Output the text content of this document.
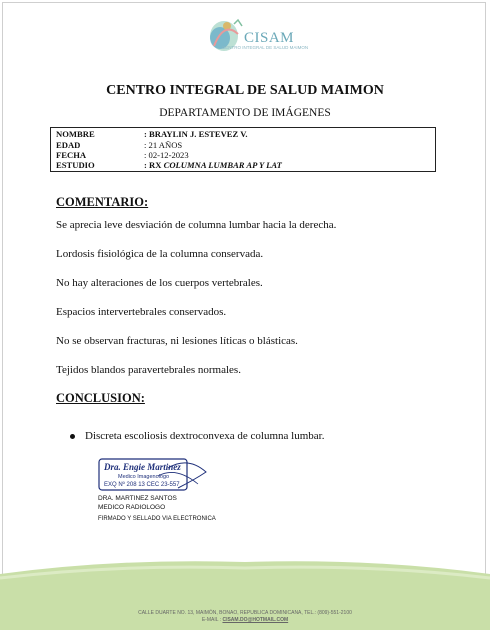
CISAM
CENTRO INTEGRAL DE SALUD MAIMON
CENTRO INTEGRAL DE SALUD MAIMON
DEPARTAMENTO DE IMÁGENES
NOMBRE	: BRAYLIN J. ESTEVEZ V.
EDAD	: 21 AÑOS
FECHA	: 02-12-2023
ESTUDIO	: RX COLUMNA LUMBAR AP Y LAT
COMENTARIO:
Se aprecia leve desviación de columna lumbar hacia la derecha.
Lordosis fisiológica de la columna conservada.
No hay alteraciones de los cuerpos vertebrales.
Espacios intervertebrales conservados.
No se observan fracturas, ni lesiones líticas o blásticas.
Tejidos blandos paravertebrales normales.
CONCLUSION:
Discreta escoliosis dextroconvexa de columna lumbar.
Dra. Engie Martinez
Medico Imagenologo
EXQ Nº 208 13 CEC 23-557
DRA. MARTINEZ SANTOS
MEDICO RADIOLOGO
FIRMADO Y SELLADO VIA ELECTRONICA
CALLE DUARTE NO. 13, MAIMÓN, BONAO, REPUBLICA DOMINICANA, TEL.: (809)-551-2100
E-MAIL : CISAM.DO@HOTMAIL.COM
